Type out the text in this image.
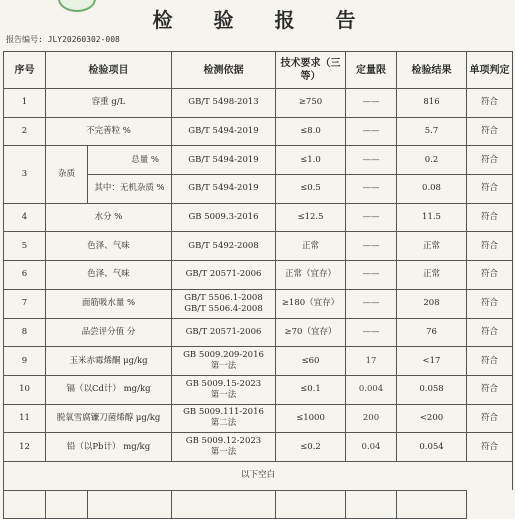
检 验 报 告
报告编号: JLY20260302-008
序号	检验项目		检测依据	技术要求（三等）	定量限	检验结果	单项判定
1	容重 g/L		GB/T 5498-2013	≥750	——	816	符合
2	不完善粒 %		GB/T 5494-2019	≤8.0	——	5.7	符合
3	杂质	总量 %	GB/T 5494-2019	≤1.0	——	0.2	符合
		其中：无机杂质 %	GB/T 5494-2019	≤0.5	——	0.08	符合
4	水分 %		GB 5009.3-2016	≤12.5	——	11.5	符合
5	色泽、气味		GB/T 5492-2008	正常	——	正常	符合
6	色泽、气味		GB/T 20571-2006	正常（宜存）	——	正常	符合
7	面筋吸水量 %		GB/T 5506.1-2008
GB/T 5506.4-2008	≥180（宜存）	——	208	符合
8	品尝评分值 分		GB/T 20571-2006	≥70（宜存）	——	76	符合
9	玉米赤霉烯酮 μg/kg		GB 5009.209-2016
第一法	≤60	17	<17	符合
10	镉（以Cd计） mg/kg		GB 5009.15-2023
第一法	≤0.1	0.004	0.058	符合
11	脱氧雪腐镰刀菌烯醇 μg/kg		GB 5009.111-2016
第二法	≤1000	200	<200	符合
12	铅（以Pb计） mg/kg		GB 5009.12-2023
第一法	≤0.2	0.04	0.054	符合
以下空白							
